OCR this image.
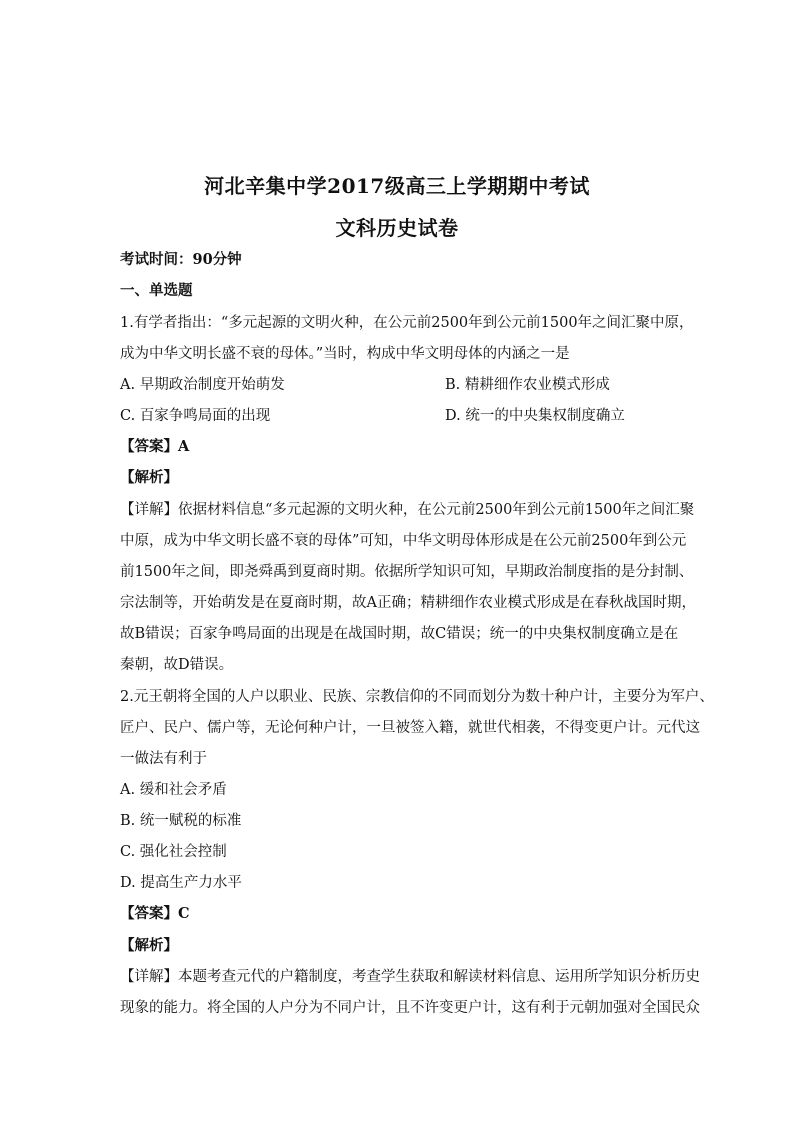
河北辛集中学2017级高三上学期期中考试
文科历史试卷
考试时间：90分钟
一、单选题
1.有学者指出：“多元起源的文明火种，在公元前2500年到公元前1500年之间汇聚中原，
成为中华文明长盛不衰的母体。”当时，构成中华文明母体的内涵之一是
A. 早期政治制度开始萌发	B. 精耕细作农业模式形成
C. 百家争鸣局面的出现	D. 统一的中央集权制度确立
【答案】A
【解析】
【详解】依据材料信息“多元起源的文明火种，在公元前2500年到公元前1500年之间汇聚
中原，成为中华文明长盛不衰的母体”可知，中华文明母体形成是在公元前2500年到公元
前1500年之间，即尧舜禹到夏商时期。依据所学知识可知，早期政治制度指的是分封制、
宗法制等，开始萌发是在夏商时期，故A正确；精耕细作农业模式形成是在春秋战国时期，
故B错误；百家争鸣局面的出现是在战国时期，故C错误；统一的中央集权制度确立是在
秦朝，故D错误。
2.元王朝将全国的人户以职业、民族、宗教信仰的不同而划分为数十种户计，主要分为军户、
匠户、民户、儒户等，无论何种户计，一旦被签入籍，就世代相袭，不得变更户计。元代这
一做法有利于
A. 缓和社会矛盾
B. 统一赋税的标准
C. 强化社会控制
D. 提高生产力水平
【答案】C
【解析】
【详解】本题考查元代的户籍制度，考查学生获取和解读材料信息、运用所学知识分析历史
现象的能力。将全国的人户分为不同户计，且不许变更户计，这有利于元朝加强对全国民众
